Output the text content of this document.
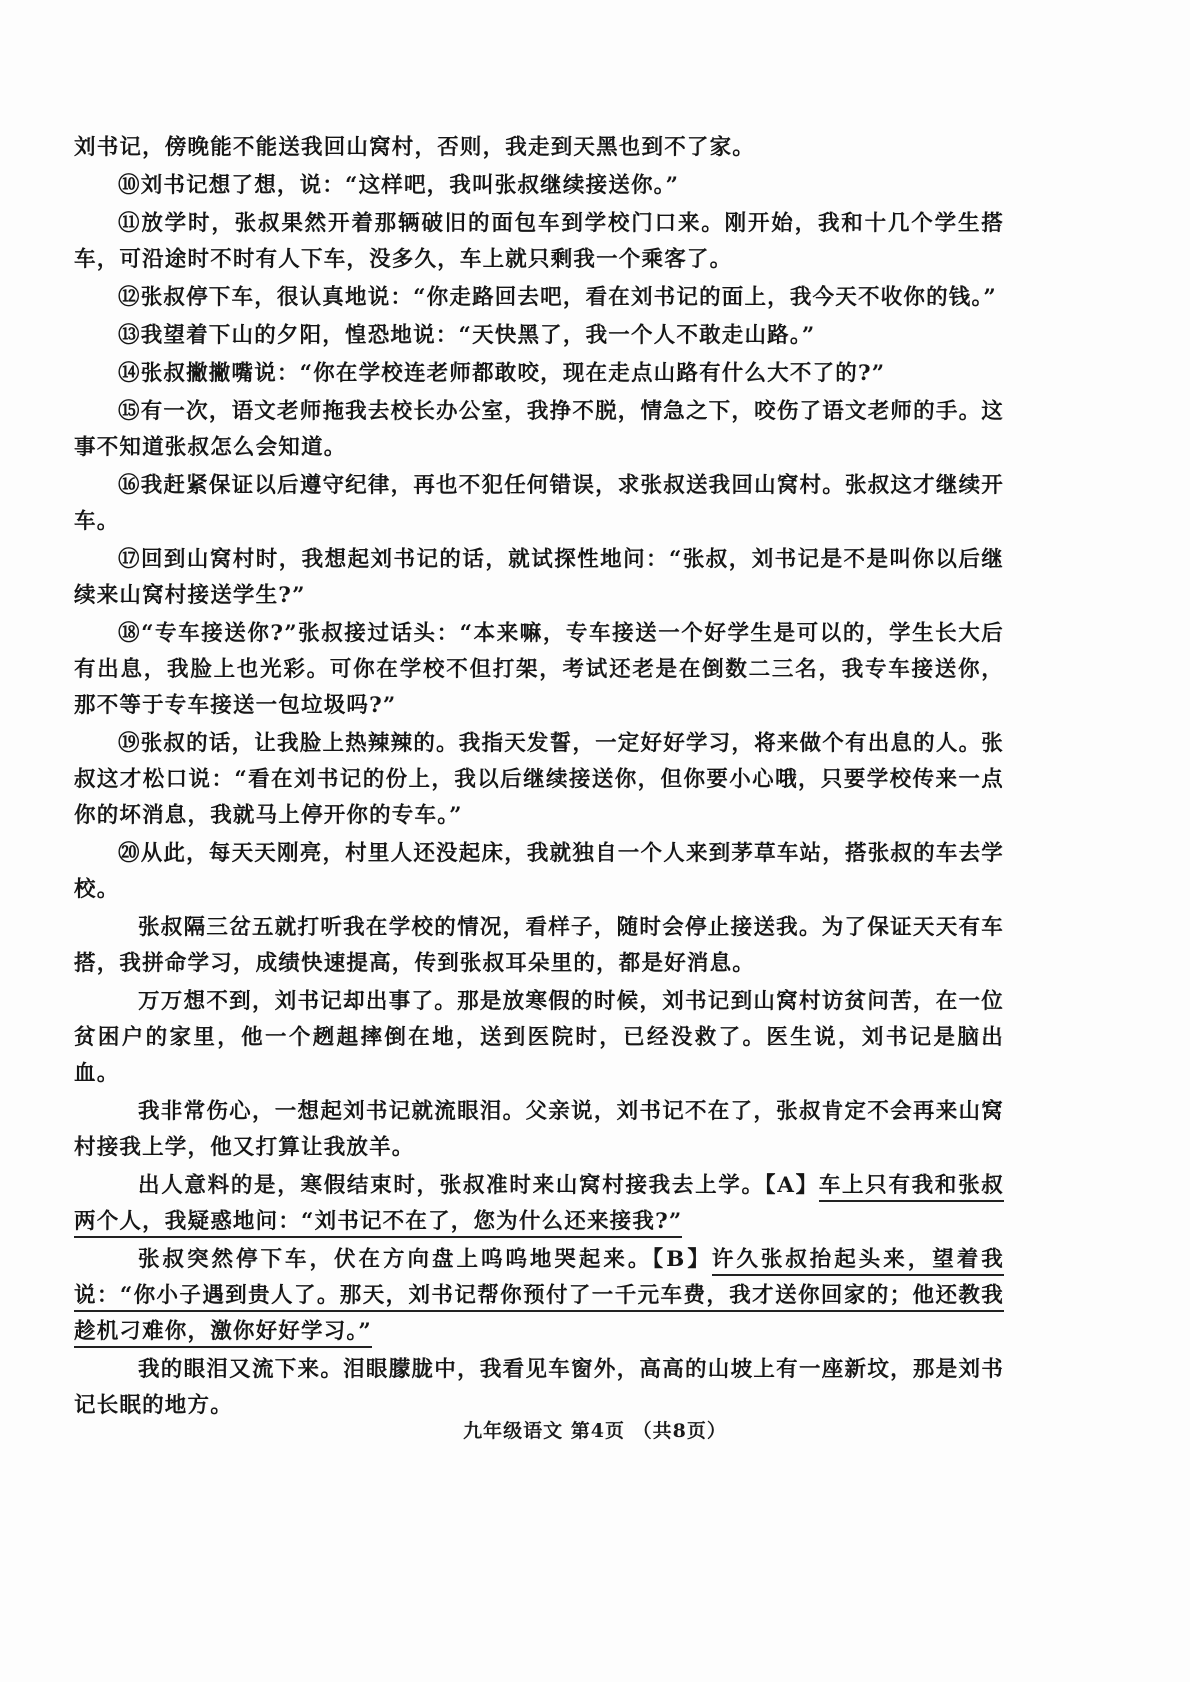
刘书记，傍晚能不能送我回山窝村，否则，我走到天黑也到不了家。

⑩刘书记想了想，说：“这样吧，我叫张叔继续接送你。”

⑪放学时，张叔果然开着那辆破旧的面包车到学校门口来。刚开始，我和十几个学生搭车，可沿途时不时有人下车，没多久，车上就只剩我一个乘客了。

⑫张叔停下车，很认真地说：“你走路回去吧，看在刘书记的面上，我今天不收你的钱。”

⑬我望着下山的夕阳，惶恐地说：“天快黑了，我一个人不敢走山路。”

⑭张叔撇撇嘴说：“你在学校连老师都敢咬，现在走点山路有什么大不了的?”

⑮有一次，语文老师拖我去校长办公室，我挣不脱，情急之下，咬伤了语文老师的手。这事不知道张叔怎么会知道。

⑯我赶紧保证以后遵守纪律，再也不犯任何错误，求张叔送我回山窝村。张叔这才继续开车。

⑰回到山窝村时，我想起刘书记的话，就试探性地问：“张叔，刘书记是不是叫你以后继续来山窝村接送学生?”

⑱“专车接送你?”张叔接过话头：“本来嘛，专车接送一个好学生是可以的，学生长大后有出息，我脸上也光彩。可你在学校不但打架，考试还老是在倒数二三名，我专车接送你，那不等于专车接送一包垃圾吗?”

⑲张叔的话，让我脸上热辣辣的。我指天发誓，一定好好学习，将来做个有出息的人。张叔这才松口说：“看在刘书记的份上，我以后继续接送你，但你要小心哦，只要学校传来一点你的坏消息，我就马上停开你的专车。”

⑳从此，每天天刚亮，村里人还没起床，我就独自一个人来到茅草车站，搭张叔的车去学校。

张叔隔三岔五就打听我在学校的情况，看样子，随时会停止接送我。为了保证天天有车搭，我拼命学习，成绩快速提高，传到张叔耳朵里的，都是好消息。

万万想不到，刘书记却出事了。那是放寒假的时候，刘书记到山窝村访贫问苦，在一位贫困户的家里，他一个趔趄摔倒在地，送到医院时，已经没救了。医生说，刘书记是脑出血。

我非常伤心，一想起刘书记就流眼泪。父亲说，刘书记不在了，张叔肯定不会再来山窝村接我上学，他又打算让我放羊。

出人意料的是，寒假结束时，张叔准时来山窝村接我去上学。【A】车上只有我和张叔两个人，我疑惑地问：“刘书记不在了，您为什么还来接我?”

张叔突然停下车，伏在方向盘上呜呜地哭起来。【B】许久张叔抬起头来，望着我说：“你小子遇到贵人了。那天，刘书记帮你预付了一千元车费，我才送你回家的；他还教我趁机刁难你，激你好好学习。”

我的眼泪又流下来。泪眼朦胧中，我看见车窗外，高高的山坡上有一座新坟，那是刘书记长眠的地方。

九年级语文 第4页 （共8页）
